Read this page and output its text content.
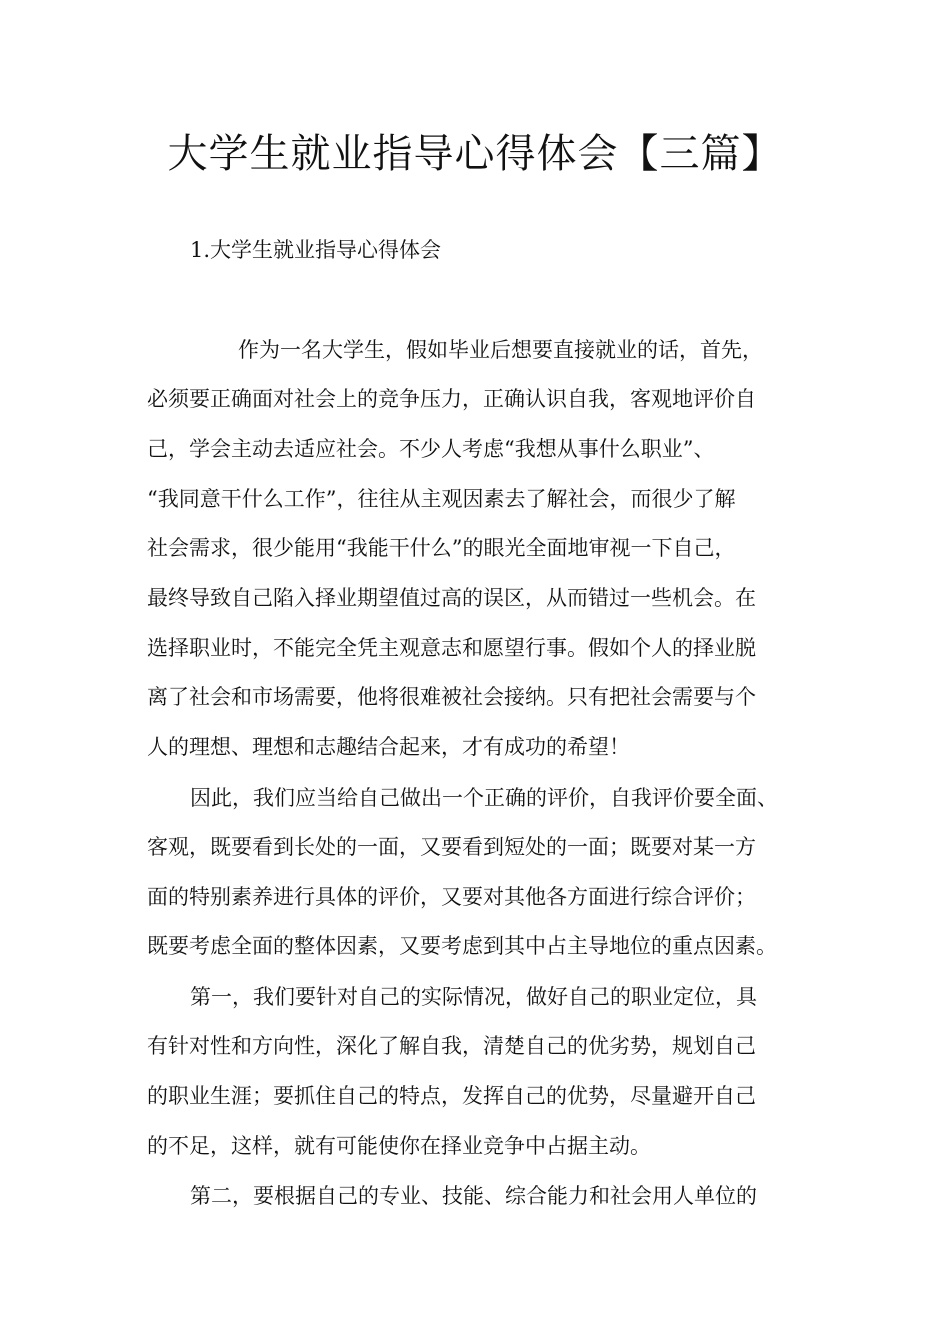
大学生就业指导心得体会【三篇】
1.大学生就业指导心得体会

作为一名大学生，假如毕业后想要直接就业的话，首先，

必须要正确面对社会上的竞争压力，正确认识自我，客观地评价自

己，学会主动去适应社会。不少人考虑“我想从事什么职业”、

“我同意干什么工作”，往往从主观因素去了解社会，而很少了解

社会需求，很少能用“我能干什么”的眼光全面地审视一下自己，

最终导致自己陷入择业期望值过高的误区，从而错过一些机会。在

选择职业时，不能完全凭主观意志和愿望行事。假如个人的择业脱

离了社会和市场需要，他将很难被社会接纳。只有把社会需要与个

人的理想、理想和志趣结合起来，才有成功的希望！

因此，我们应当给自己做出一个正确的评价，自我评价要全面、

客观，既要看到长处的一面，又要看到短处的一面；既要对某一方

面的特别素养进行具体的评价，又要对其他各方面进行综合评价；

既要考虑全面的整体因素，又要考虑到其中占主导地位的重点因素。

第一，我们要针对自己的实际情况，做好自己的职业定位，具

有针对性和方向性，深化了解自我，清楚自己的优劣势，规划自己

的职业生涯；要抓住自己的特点，发挥自己的优势，尽量避开自己

的不足，这样，就有可能使你在择业竞争中占据主动。

第二，要根据自己的专业、技能、综合能力和社会用人单位的
